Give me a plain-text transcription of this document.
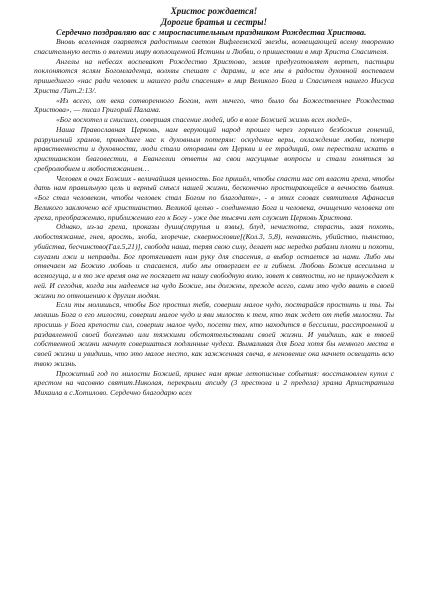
Христос рождается!

Дорогие братья и сестры!

Сердечно поздравляю вас с мироспасительным праздником Рождества Христова.

Вновь вселенная озаряется радостным светом Вифлеемской звезды, возвещающей всему творению спасительную весть о явлении миру воплощенной Истины и Любви, о пришествии в мир Христа Спасителя.

Ангелы на небесах воспевают Рождество Христово, земля предуготовляет вертеп, пастыри поклоняются яслям Богомладенца, волхвы спешат с дарами, и все мы в радости духовной воспеваем пришедшего «нас ради человек и нашего ради спасения» в мир Великого Бога и Спасителя нашего Иисуса Христа /Тит.2:13/.

«Из всего, от века сотворенного Богом, нет ничего, что было бы Божественнее Рождества Христова», — писал Григорий Палама.

«Бог восхотел и снисшел, совершая спасение людей, ибо в воле Божией жизнь всех людей».

Наша Православная Церковь, нам верующий народ прошел через горнило безбожия гонений, разрушений храмов, приведшее нас к духовным потерям: оскудение веры, охлаждение любви, потеря нравственности и духовности, люди стали оторваны от Церкви и ее традиций, они перестали искать в христианском благовестии, в Евангелии ответы на свои насущные вопросы и стали гоняться за сребролюбием и любостяжанием…

Человек в очах Божиих - величайшая ценность. Бог пришёл, чтобы спасти нас от власти греха, чтобы дать нам правильную цель и верный смысл нашей жизни, бесконечно простирающейся в вечность бытия. «Бог стал человеком, чтобы человек стал Богом по благодати», - в этих словах святителя Афанасия Великого заключено всё христианство. Великой целью - соединению Бога и человека, очищению человека от греха, преображению, приближению его к Богу - уже две тысячи лет служит Церковь Христова.

Однако, из-за греха, проказы души(струпья и язвы), блуд, нечистота, страсть, злая похоть, любостяжание, гнев, ярость, злоба, злоречие, сквернословие[(Кол.3, 5,8), ненависть, убийство, пьянство, убийства, бесчинство(Гал.5,21)], свобода наша, теряя свою силу, делает нас нередко рабами плоти и похоти, слугами лжи и неправды. Бог протягивает нам руку для спасения, а выбор остается за нами. Либо мы отвечаем на Божию любовь и спасаемся, либо мы отвергаем ее и гибнем. Любовь Божия всесильна и всемогуща, и в то же время она не посягает на нашу свободную волю, зовет к святости, но не принуждает к ней. И сегодня, когда мы надеемся на чудо Божие, мы должны, прежде всего, сами это чудо явить в своей жизни по отношению к другим людям.

Если ты молишься, чтобы Бог простил тебя, соверши малое чудо, постарайся простить и ты. Ты молишь Бога о его милости, соверши малое чудо и яви милость к тем, кто так ждет от тебя милости. Ты просишь у Бога крепости сил, соверши малое чудо, посети тех, кто находится в бессилии, расстроенной и раздавленной своей болезнью или тяжкими обстоятельствами своей жизни. И увидишь, как в твоей собственной жизни начнут совершаться подлинные чудеса. Вымаливая для Бога хотя бы немного места в своей жизни и увидишь, что это малое место, как зажженная свеча, в мгновение ока начнет освещать всю твою жизнь.

Прожитый год по милости Божией, принес нам яркие летописные события: восстановлен купол с крестом на часовню святит.Николая, перекрыли апсиду (3 престола и 2 предела) храма Архистратига Михаила в с.Хотилово. Сердечно благодарю всех
